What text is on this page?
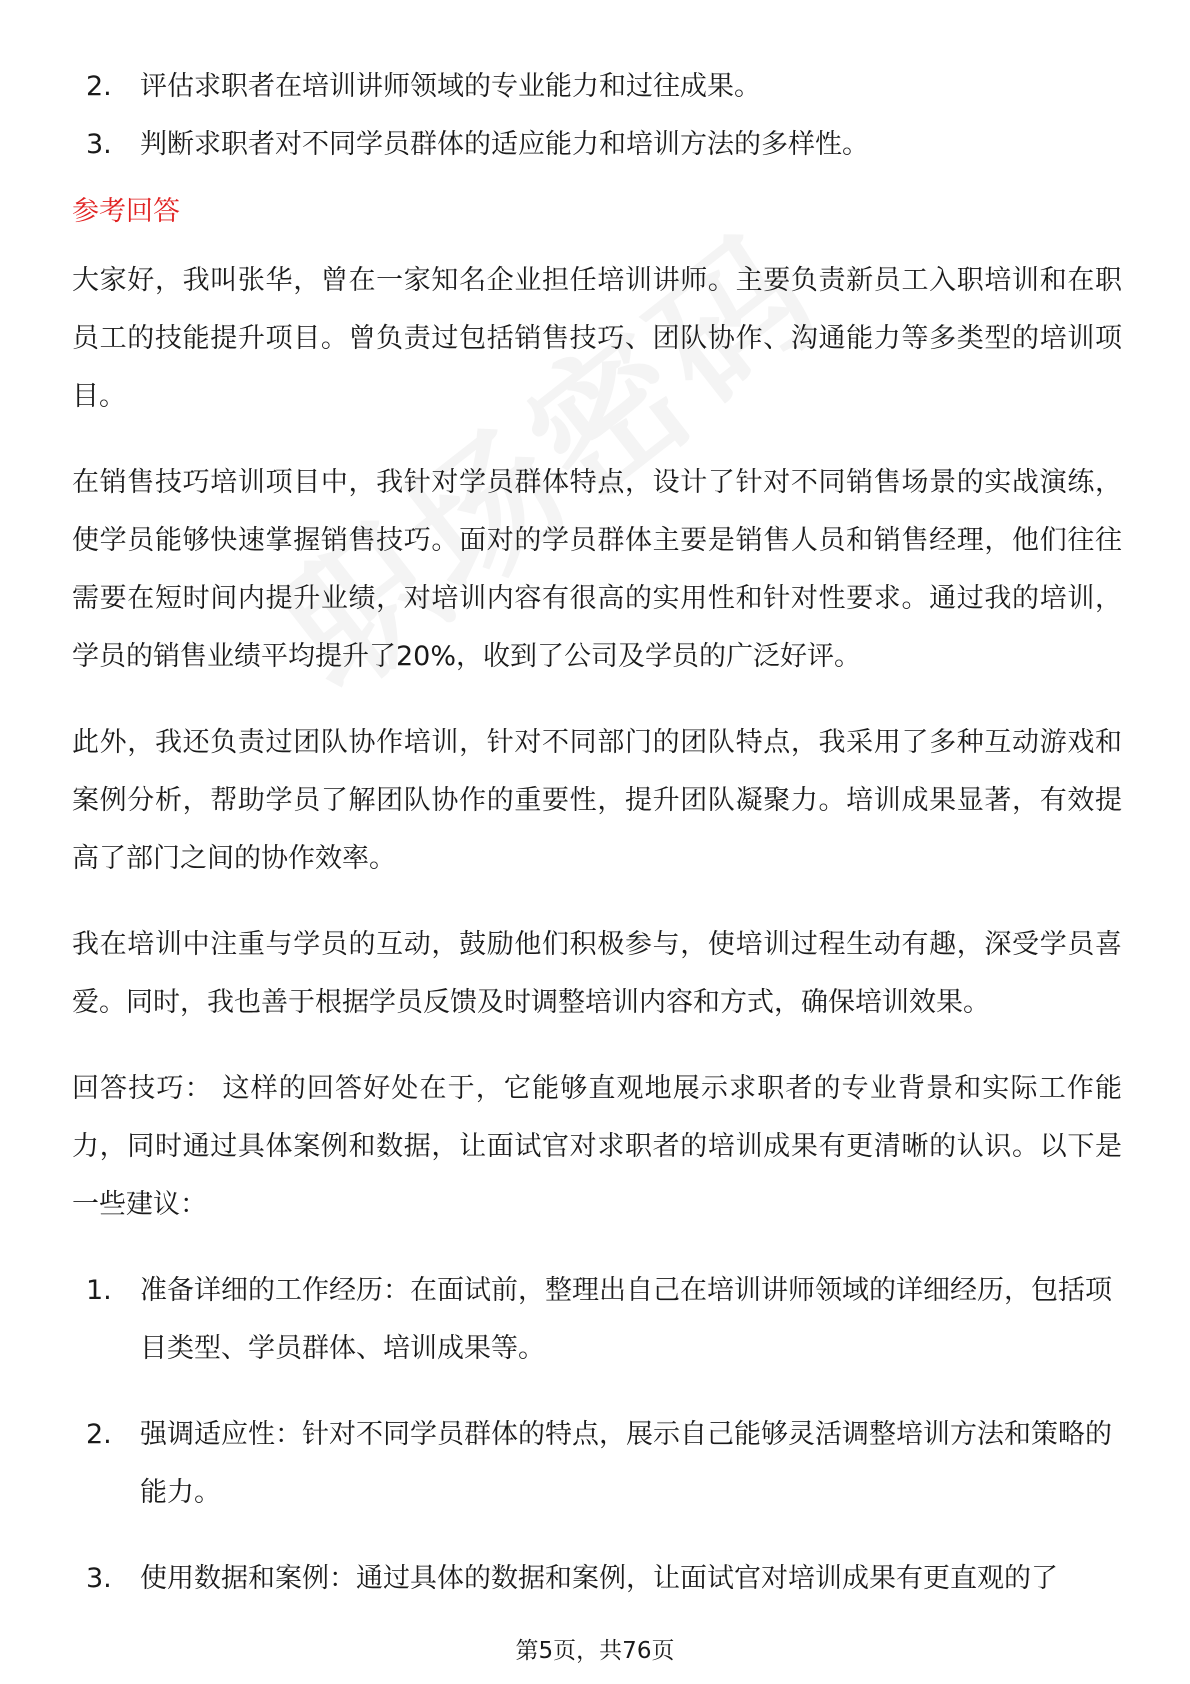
2.	评估求职者在培训讲师领域的专业能力和过往成果。
3.	判断求职者对不同学员群体的适应能力和培训方法的多样性。
参考回答

大家好，我叫张华，曾在一家知名企业担任培训讲师。主要负责新员工入职培训和在职员工的技能提升项目。曾负责过包括销售技巧、团队协作、沟通能力等多类型的培训项目。

在销售技巧培训项目中，我针对学员群体特点，设计了针对不同销售场景的实战演练，使学员能够快速掌握销售技巧。面对的学员群体主要是销售人员和销售经理，他们往往需要在短时间内提升业绩，对培训内容有很高的实用性和针对性要求。通过我的培训，学员的销售业绩平均提升了20%，收到了公司及学员的广泛好评。

此外，我还负责过团队协作培训，针对不同部门的团队特点，我采用了多种互动游戏和案例分析，帮助学员了解团队协作的重要性，提升团队凝聚力。培训成果显著，有效提高了部门之间的协作效率。

我在培训中注重与学员的互动，鼓励他们积极参与，使培训过程生动有趣，深受学员喜爱。同时，我也善于根据学员反馈及时调整培训内容和方式，确保培训效果。

回答技巧： 这样的回答好处在于，它能够直观地展示求职者的专业背景和实际工作能力，同时通过具体案例和数据，让面试官对求职者的培训成果有更清晰的认识。以下是一些建议：

1.	准备详细的工作经历：在面试前，整理出自己在培训讲师领域的详细经历，包括项目类型、学员群体、培训成果等。
2.	强调适应性：针对不同学员群体的特点，展示自己能够灵活调整培训方法和策略的能力。
3.	使用数据和案例：通过具体的数据和案例，让面试官对培训成果有更直观的了
第5页，共76页
